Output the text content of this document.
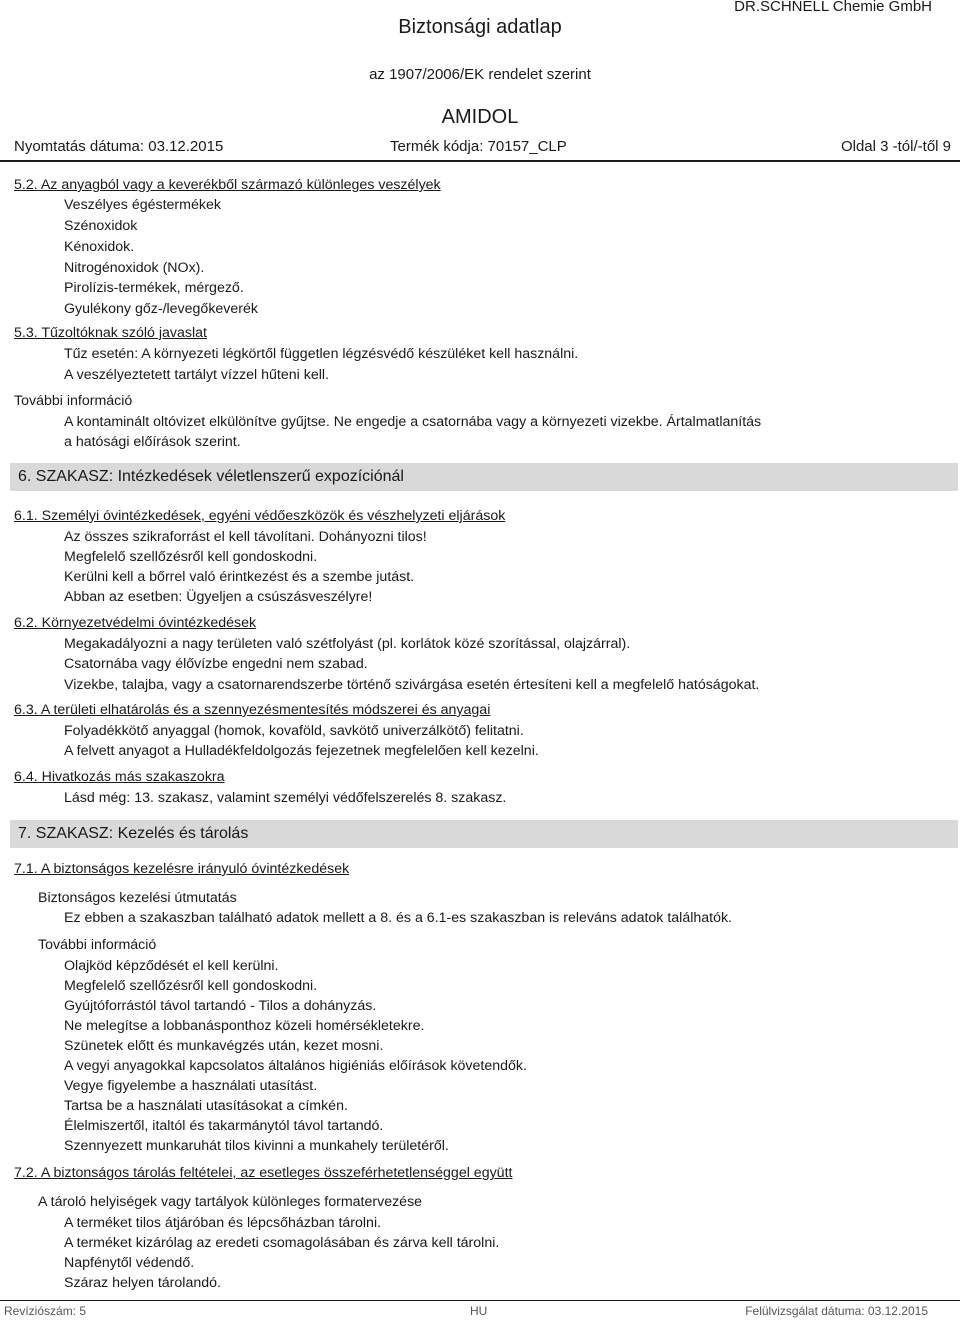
Biztonsági adatlap
DR.SCHNELL Chemie GmbH
az 1907/2006/EK rendelet szerint
AMIDOL
Nyomtatás dátuma: 03.12.2015	Termék kódja: 70157_CLP	Oldal 3 -tól/-től 9
5.2. Az anyagból vagy a keverékből származó különleges veszélyek
Veszélyes égéstermékek
Szénoxidok
Kénoxidok.
Nitrogénoxidok (NOx).
Pirolízis-termékek, mérgező.
Gyulékony gőz-/levegőkeverék
5.3. Tűzoltóknak szóló javaslat
Tűz esetén: A környezeti légkörtől független légzésvédő készüléket kell használni.
A veszélyeztetett tartályt vízzel hűteni kell.
További információ
A kontaminált oltóvizet elkülönítve gyűjtse. Ne engedje a csatornába vagy a környezeti vizekbe. Ártalmatlanítás
a hatósági előírások szerint.
6. SZAKASZ: Intézkedések véletlenszerű expozíciónál
6.1. Személyi óvintézkedések, egyéni védőeszközök és vészhelyzeti eljárások
Az összes szikraforrást el kell távolítani. Dohányozni tilos!
Megfelelő szellőzésről kell gondoskodni.
Kerülni kell a bőrrel való érintkezést és a szembe jutást.
Abban az esetben: Ügyeljen a csúszásveszélyre!
6.2. Környezetvédelmi óvintézkedések
Megakadályozni a nagy területen való szétfolyást (pl. korlátok közé szorítással, olajzárral).
Csatornába vagy élővízbe engedni nem szabad.
Vizekbe, talajba, vagy a csatornarendszerbe történő szivárgása esetén értesíteni kell a megfelelő hatóságokat.
6.3. A területi elhatárolás és a szennyezésmentesítés módszerei és anyagai
Folyadékkötő anyaggal (homok, kovaföld, savkötő univerzálkötő) felitatni.
A felvett anyagot a Hulladékfeldolgozás fejezetnek megfelelően kell kezelni.
6.4. Hivatkozás más szakaszokra
Lásd még: 13. szakasz, valamint személyi védőfelszerelés 8. szakasz.
7. SZAKASZ: Kezelés és tárolás
7.1. A biztonságos kezelésre irányuló óvintézkedések
Biztonságos kezelési útmutatás
Ez ebben a szakaszban található adatok mellett a 8. és a 6.1-es szakaszban is releváns adatok találhatók.
További információ
Olajköd képződését el kell kerülni.
Megfelelő szellőzésről kell gondoskodni.
Gyújtóforrástól távol tartandó - Tilos a dohányzás.
Ne melegítse a lobbanásponthoz közeli homérsékletekre.
Szünetek előtt és munkavégzés után, kezet mosni.
A vegyi anyagokkal kapcsolatos általános higiéniás előírások követendők.
Vegye figyelembe a használati utasítást.
Tartsa be a használati utasításokat a címkén.
Élelmiszertől, italtól és takarmánytól távol tartandó.
Szennyezett munkaruhát tilos kivinni a munkahely területéről.
7.2. A biztonságos tárolás feltételei, az esetleges összeférhetetlenséggel együtt
A tároló helyiségek vagy tartályok különleges formatervezése
A terméket tilos átjáróban és lépcsőházban tárolni.
A terméket kizárólag az eredeti csomagolásában és zárva kell tárolni.
Napfénytől védendő.
Száraz helyen tárolandó.
Revíziószám: 5	HU	Felülvizsgálat dátuma: 03.12.2015
